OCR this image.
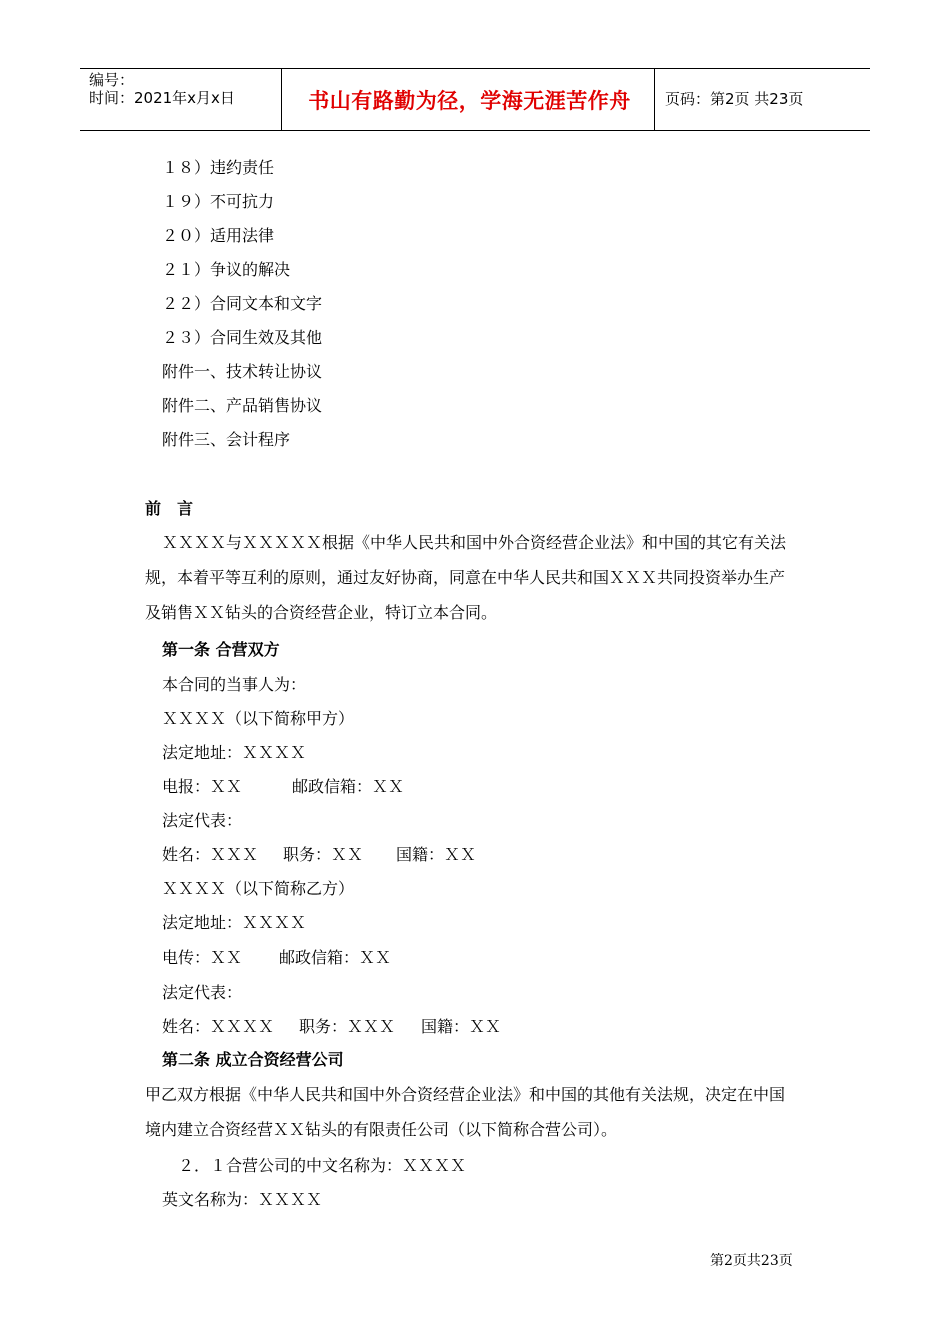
编号：
时间：2021年x月x日	书山有路勤为径，学海无涯苦作舟	页码：第2页 共23页
１８）违约责任
１９）不可抗力
２０）适用法律
２１）争议的解决
２２）合同文本和文字
２３）合同生效及其他
附件一、技术转让协议
附件二、产品销售协议
附件三、会计程序
前　言
ＸＸＸＸ与ＸＸＸＸＸ根据《中华人民共和国中外合资经营企业法》和中国的其它有关法
规，本着平等互利的原则，通过友好协商，同意在中华人民共和国ＸＸＸ共同投资举办生产
及销售ＸＸ钻头的合资经营企业，特订立本合同。
第一条 合营双方
本合同的当事人为：
ＸＸＸＸ（以下简称甲方）
法定地址：ＸＸＸＸ
电报：ＸＸ	邮政信箱：ＸＸ
法定代表：
姓名：ＸＸＸ 职务：ＸＸ 国籍：ＸＸ
ＸＸＸＸ（以下简称乙方）
法定地址：ＸＸＸＸ
电传：ＸＸ 邮政信箱：ＸＸ
法定代表：
姓名：ＸＸＸＸ 职务：ＸＸＸ 国籍：ＸＸ
第二条 成立合资经营公司
甲乙双方根据《中华人民共和国中外合资经营企业法》和中国的其他有关法规，决定在中国
境内建立合资经营ＸＸ钻头的有限责任公司（以下简称合营公司）。
２．１合营公司的中文名称为：ＸＸＸＸ
英文名称为：ＸＸＸＸ
第2页共23页
